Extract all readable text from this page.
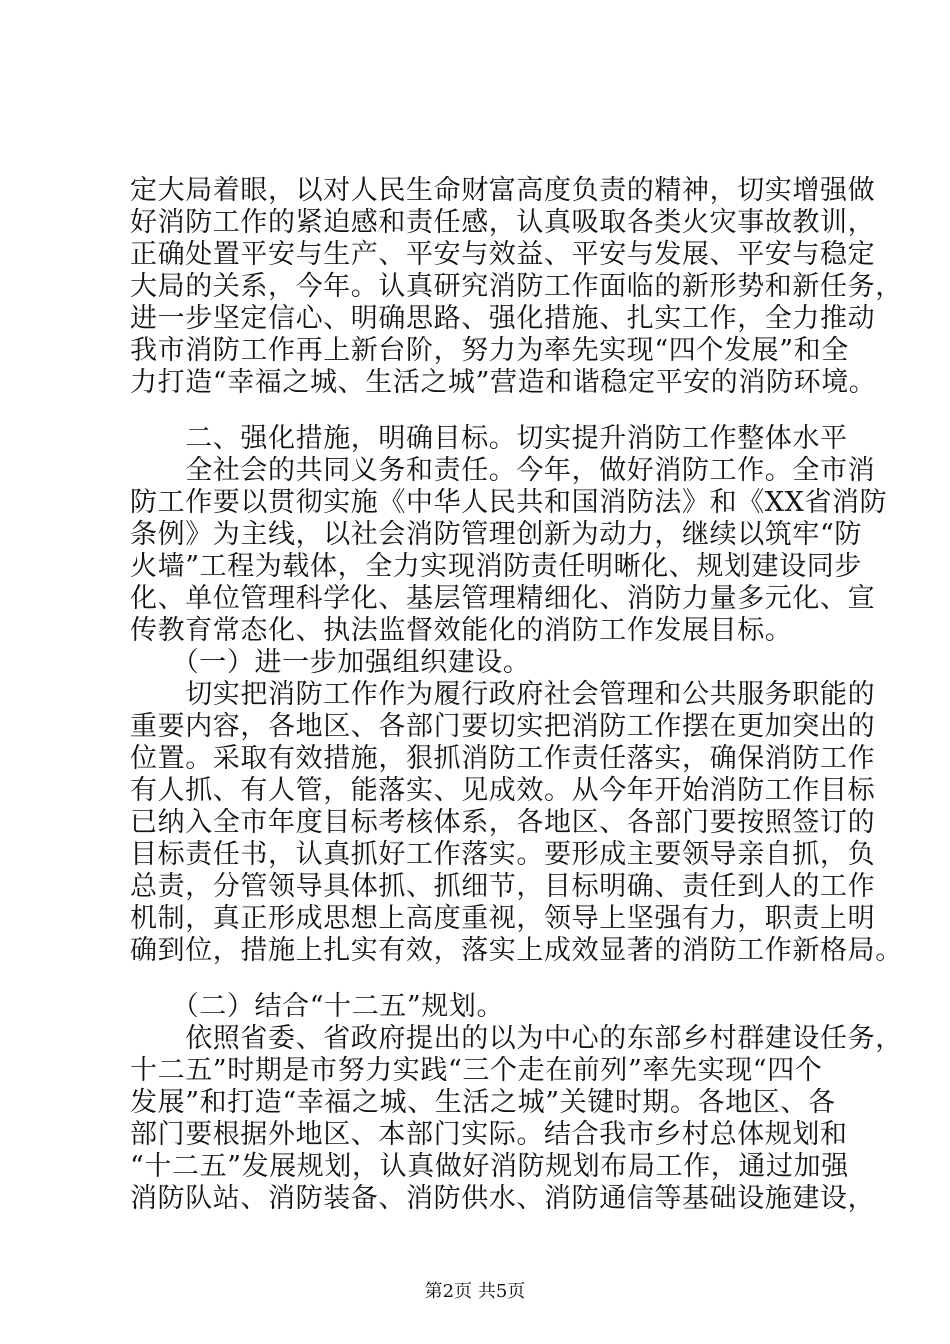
定大局着眼，以对人民生命财富高度负责的精神，切实增强做
好消防工作的紧迫感和责任感，认真吸取各类火灾事故教训，
正确处置平安与生产、平安与效益、平安与发展、平安与稳定
大局的关系，今年。认真研究消防工作面临的新形势和新任务，
进一步坚定信心、明确思路、强化措施、扎实工作，全力推动
我市消防工作再上新台阶，努力为率先实现“四个发展”和全
力打造“幸福之城、生活之城”营造和谐稳定平安的消防环境。
　　二、强化措施，明确目标。切实提升消防工作整体水平
　　全社会的共同义务和责任。今年，做好消防工作。全市消
防工作要以贯彻实施《中华人民共和国消防法》和《XX省消防
条例》为主线，以社会消防管理创新为动力，继续以筑牢“防
火墙”工程为载体，全力实现消防责任明晰化、规划建设同步
化、单位管理科学化、基层管理精细化、消防力量多元化、宣
传教育常态化、执法监督效能化的消防工作发展目标。
　　（一）进一步加强组织建设。
　　切实把消防工作作为履行政府社会管理和公共服务职能的
重要内容，各地区、各部门要切实把消防工作摆在更加突出的
位置。采取有效措施，狠抓消防工作责任落实，确保消防工作
有人抓、有人管，能落实、见成效。从今年开始消防工作目标
已纳入全市年度目标考核体系，各地区、各部门要按照签订的
目标责任书，认真抓好工作落实。要形成主要领导亲自抓，负
总责，分管领导具体抓、抓细节，目标明确、责任到人的工作
机制，真正形成思想上高度重视，领导上坚强有力，职责上明
确到位，措施上扎实有效，落实上成效显著的消防工作新格局。
　　（二）结合“十二五”规划。
　　依照省委、省政府提出的以为中心的东部乡村群建设任务，
十二五”时期是市努力实践“三个走在前列”率先实现“四个
发展”和打造“幸福之城、生活之城”关键时期。各地区、各
部门要根据外地区、本部门实际。结合我市乡村总体规划和
“十二五”发展规划，认真做好消防规划布局工作，通过加强
消防队站、消防装备、消防供水、消防通信等基础设施建设，
第2页 共5页
